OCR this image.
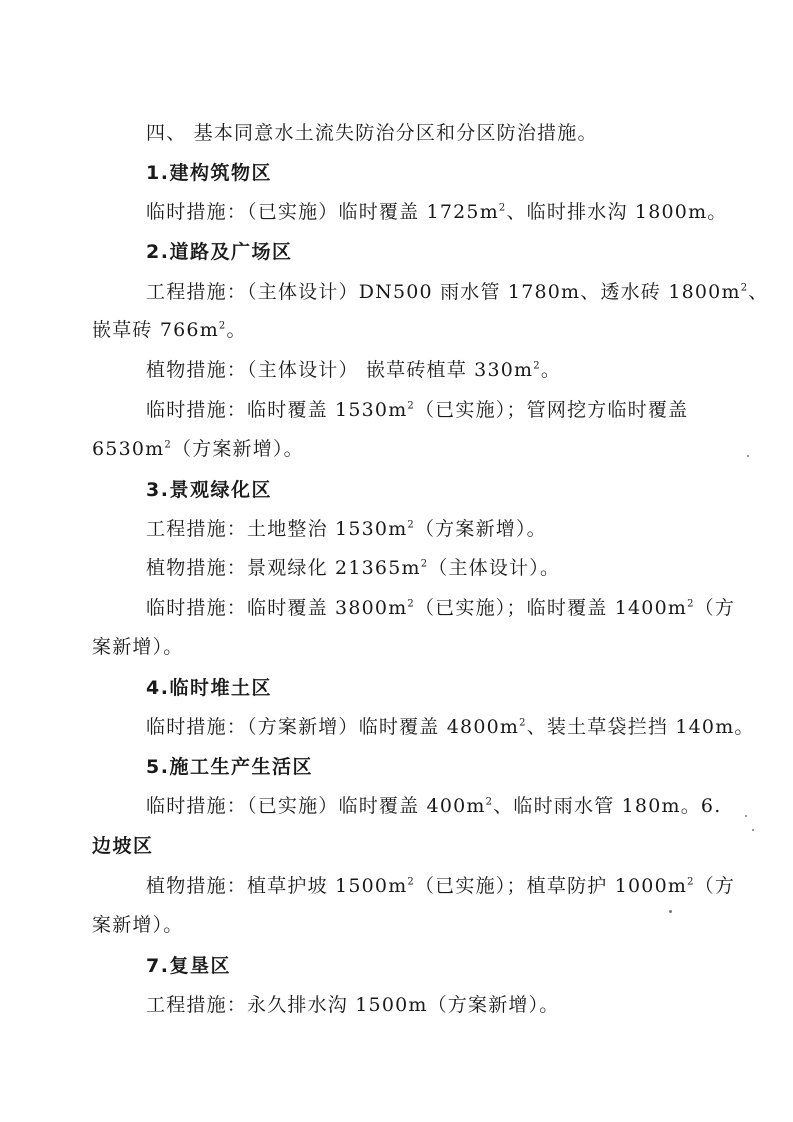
四、 基本同意水土流失防治分区和分区防治措施。
1.建构筑物区
临时措施：（已实施）临时覆盖 $1725m^2$、临时排水沟 1800m。
2.道路及广场区
工程措施：（主体设计）DN500 雨水管 1780m、透水砖 $1800m^2$、
嵌草砖 $766m^2$。
植物措施：（主体设计） 嵌草砖植草 $330m^2$。
临时措施：临时覆盖 $1530m^2$（已实施）；管网挖方临时覆盖
$6530m^2$（方案新增）。
3.景观绿化区
工程措施：土地整治 $1530m^2$（方案新增）。
植物措施：景观绿化 $21365m^2$（主体设计）。
临时措施：临时覆盖 $3800m^2$（已实施）；临时覆盖 $1400m^2$（方
案新增）。
4.临时堆土区
临时措施：（方案新增）临时覆盖 $4800m^2$、装土草袋拦挡 140m。
5.施工生产生活区
临时措施：（已实施）临时覆盖 $400m^2$、临时雨水管 180m。6.
边坡区
植物措施：植草护坡 $1500m^2$（已实施）；植草防护 $1000m^2$（方
案新增）。
7.复垦区
工程措施：永久排水沟 1500m（方案新增）。
